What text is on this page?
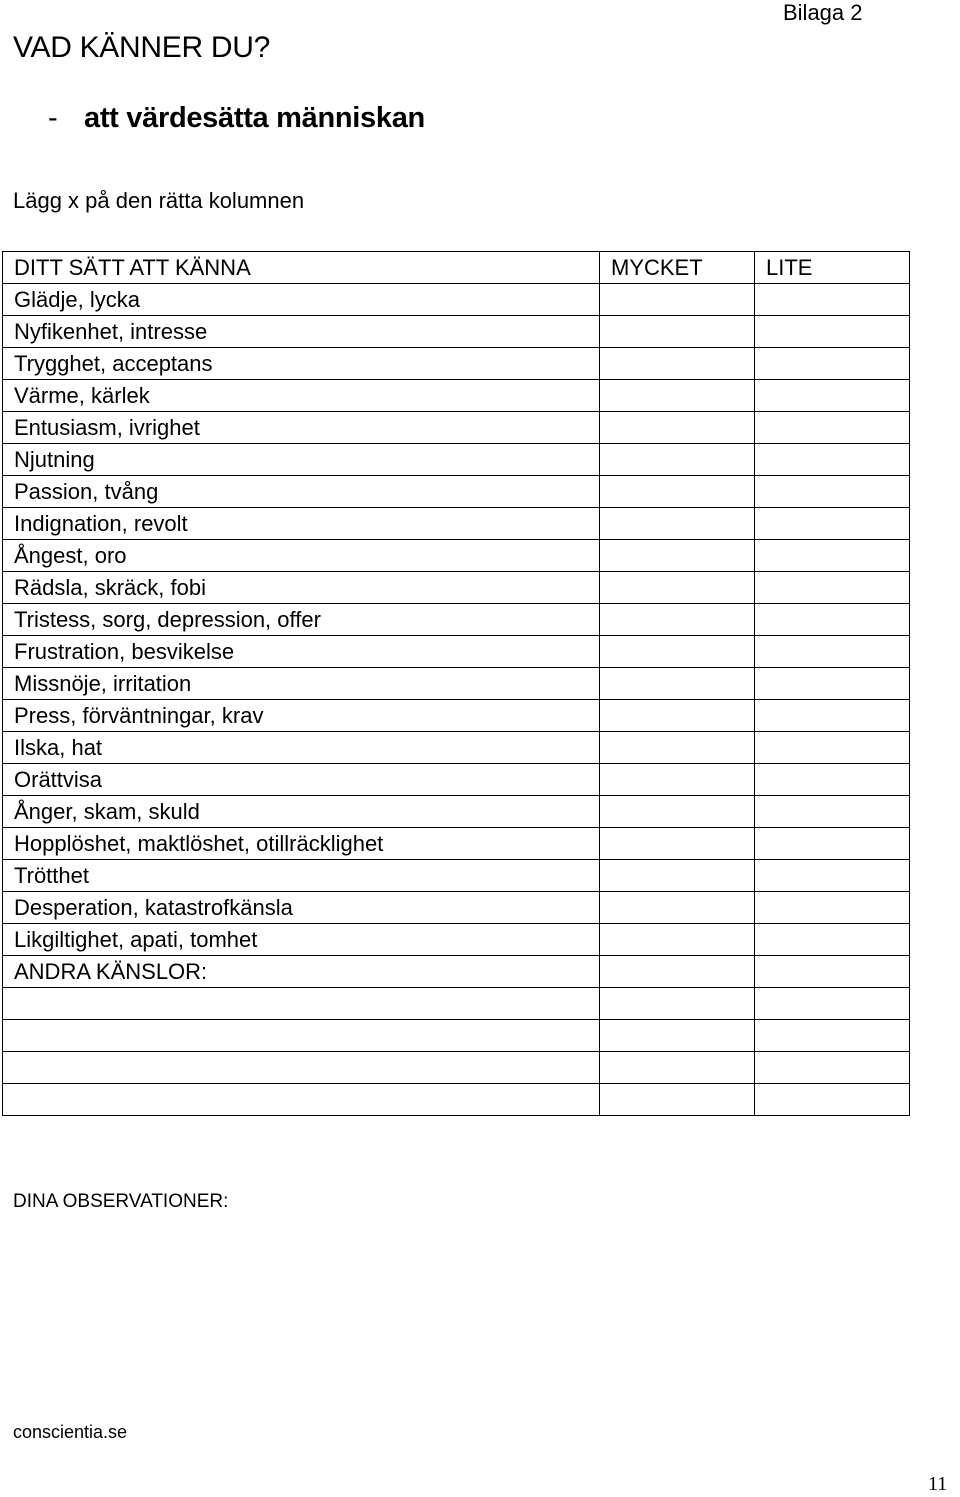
Bilaga 2
VAD KÄNNER DU?
- att värdesätta människan
Lägg x på den rätta kolumnen
DITT SÄTT ATT KÄNNA	MYCKET	LITE
Glädje, lycka		
Nyfikenhet, intresse		
Trygghet, acceptans		
Värme, kärlek		
Entusiasm, ivrighet		
Njutning		
Passion, tvång		
Indignation, revolt		
Ångest, oro		
Rädsla, skräck, fobi		
Tristess, sorg, depression, offer		
Frustration, besvikelse		
Missnöje, irritation		
Press, förväntningar, krav		
Ilska, hat		
Orättvisa		
Ånger, skam, skuld		
Hopplöshet, maktlöshet, otillräcklighet		
Trötthet		
Desperation, katastrofkänsla		
Likgiltighet, apati, tomhet		
ANDRA KÄNSLOR:		

DINA OBSERVATIONER:
conscientia.se
11
